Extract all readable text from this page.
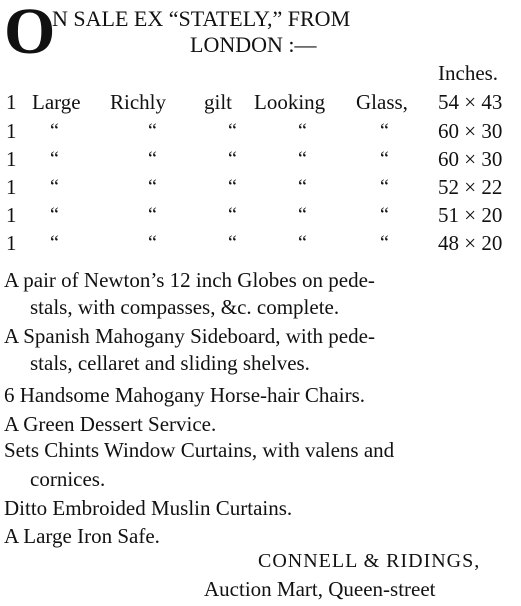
O
N SALE EX “STATELY,” FROM
LONDON :—
Inches.
1 Large Richly gilt Looking Glass, 54 × 43
1 “	“	“	“	“ 60 × 30
1 “	“	“	“	“ 60 × 30
1 “	“	“	“	“ 52 × 22
1 “	“	“	“	“ 51 × 20
1 “	“	“	“	“ 48 × 20
A pair of Newton’s 12 inch Globes on pede-
stals, with compasses, &c. complete.
A Spanish Mahogany Sideboard, with pede-
stals, cellaret and sliding shelves.
6 Handsome Mahogany Horse-hair Chairs.
A Green Dessert Service.
Sets Chints Window Curtains, with valens and
cornices.
Ditto Embroided Muslin Curtains.
A Large Iron Safe.
CONNELL & RIDINGS,
Auction Mart, Queen-street
